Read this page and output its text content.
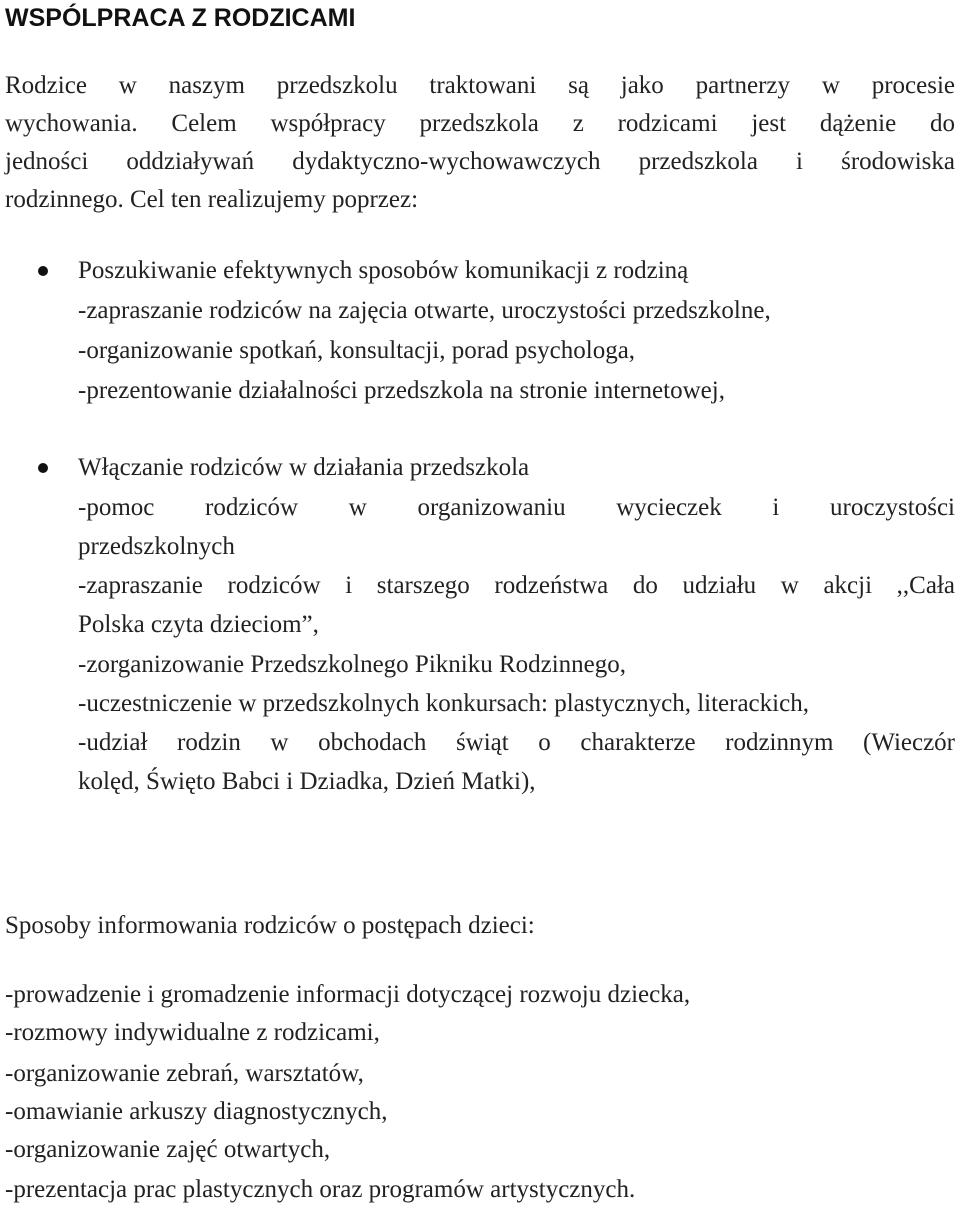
WSPÓLPRACA Z RODZICAMI
Rodzice w naszym przedszkolu traktowani są jako partnerzy w procesie
wychowania. Celem współpracy przedszkola z rodzicami jest dążenie do
jedności oddziaływań dydaktyczno-wychowawczych przedszkola i środowiska
rodzinnego. Cel ten realizujemy poprzez:
Poszukiwanie efektywnych sposobów komunikacji z rodziną
-zapraszanie rodziców na zajęcia otwarte, uroczystości przedszkolne,
-organizowanie spotkań, konsultacji, porad psychologa,
-prezentowanie działalności przedszkola na stronie internetowej,
Włączanie rodziców w działania przedszkola
-pomoc rodziców w organizowaniu wycieczek i uroczystości
przedszkolnych
-zapraszanie rodziców i starszego rodzeństwa do udziału w akcji ,,Cała
Polska czyta dzieciom”,
-zorganizowanie Przedszkolnego Pikniku Rodzinnego,
-uczestniczenie w przedszkolnych konkursach: plastycznych, literackich,
-udział rodzin w obchodach świąt o charakterze rodzinnym (Wieczór
kolęd, Święto Babci i Dziadka, Dzień Matki),
Sposoby informowania rodziców o postępach dzieci:
-prowadzenie i gromadzenie informacji dotyczącej rozwoju dziecka,
-rozmowy indywidualne z rodzicami,
-organizowanie zebrań, warsztatów,
-omawianie arkuszy diagnostycznych,
-organizowanie zajęć otwartych,
-prezentacja prac plastycznych oraz programów artystycznych.
